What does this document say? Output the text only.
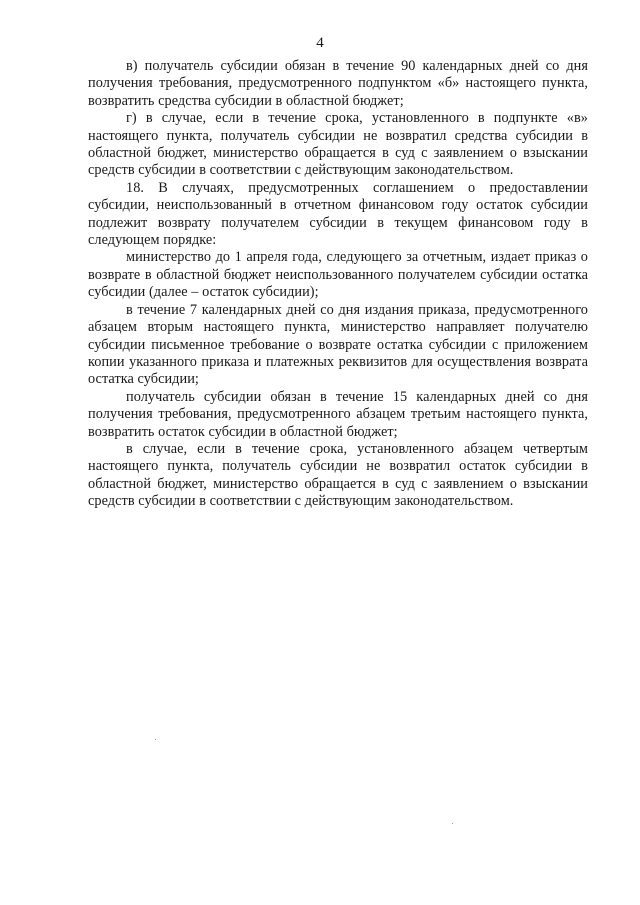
4

в) получатель субсидии обязан в течение 90 календарных дней со дня получения требования, предусмотренного подпунктом «б» настоящего пункта, возвратить средства субсидии в областной бюджет;

г) в случае, если в течение срока, установленного в подпункте «в» настоящего пункта, получатель субсидии не возвратил средства субсидии в областной бюджет, министерство обращается в суд с заявлением о взыскании средств субсидии в соответствии с действующим законодательством.

18. В случаях, предусмотренных соглашением о предоставлении субсидии, неиспользованный в отчетном финансовом году остаток субсидии подлежит возврату получателем субсидии в текущем финансовом году в следующем порядке:

министерство до 1 апреля года, следующего за отчетным, издает приказ о возврате в областной бюджет неиспользованного получателем субсидии остатка субсидии (далее – остаток субсидии);

в течение 7 календарных дней со дня издания приказа, предусмотренного абзацем вторым настоящего пункта, министерство направляет получателю субсидии письменное требование о возврате остатка субсидии с приложением копии указанного приказа и платежных реквизитов для осуществления возврата остатка субсидии;

получатель субсидии обязан в течение 15 календарных дней со дня получения требования, предусмотренного абзацем третьим настоящего пункта, возвратить остаток субсидии в областной бюджет;

в случае, если в течение срока, установленного абзацем четвертым настоящего пункта, получатель субсидии не возвратил остаток субсидии в областной бюджет, министерство обращается в суд с заявлением о взыскании средств субсидии в соответствии с действующим законодательством.
